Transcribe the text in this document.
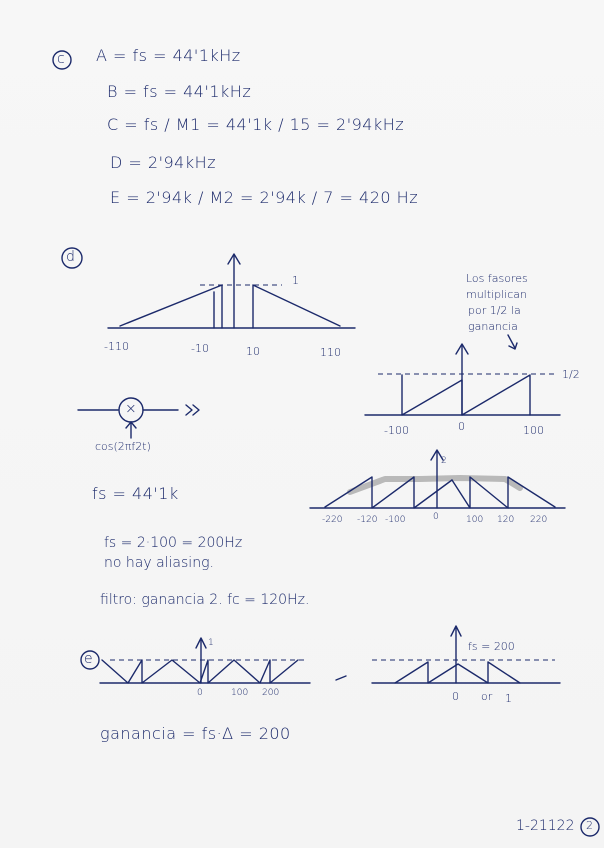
c A = fs = 44'1kHz
B = fs = 44'1kHz
C = fs / M1 = 44'1k / 15 = 2'94kHz
D = 2'94kHz
E = 2'94k / M2 = 2'94k / 7 = 420 Hz
d
-110	-10	10	110
1	Los fasores
multiplican
por 1/2 la
ganancia
-100	0	100
1/2
×
cos(2πf2t)
-220 -120 -100	0	100 120 220
2
fs = 44'1k
fs = 2·100 = 200Hz
no hay aliasing.
filtro: ganancia 2. fc = 120Hz.
e
0	100 200
1	fs = 200
0 or 1
ganancia = fs·Δ = 200
1-21122 2
